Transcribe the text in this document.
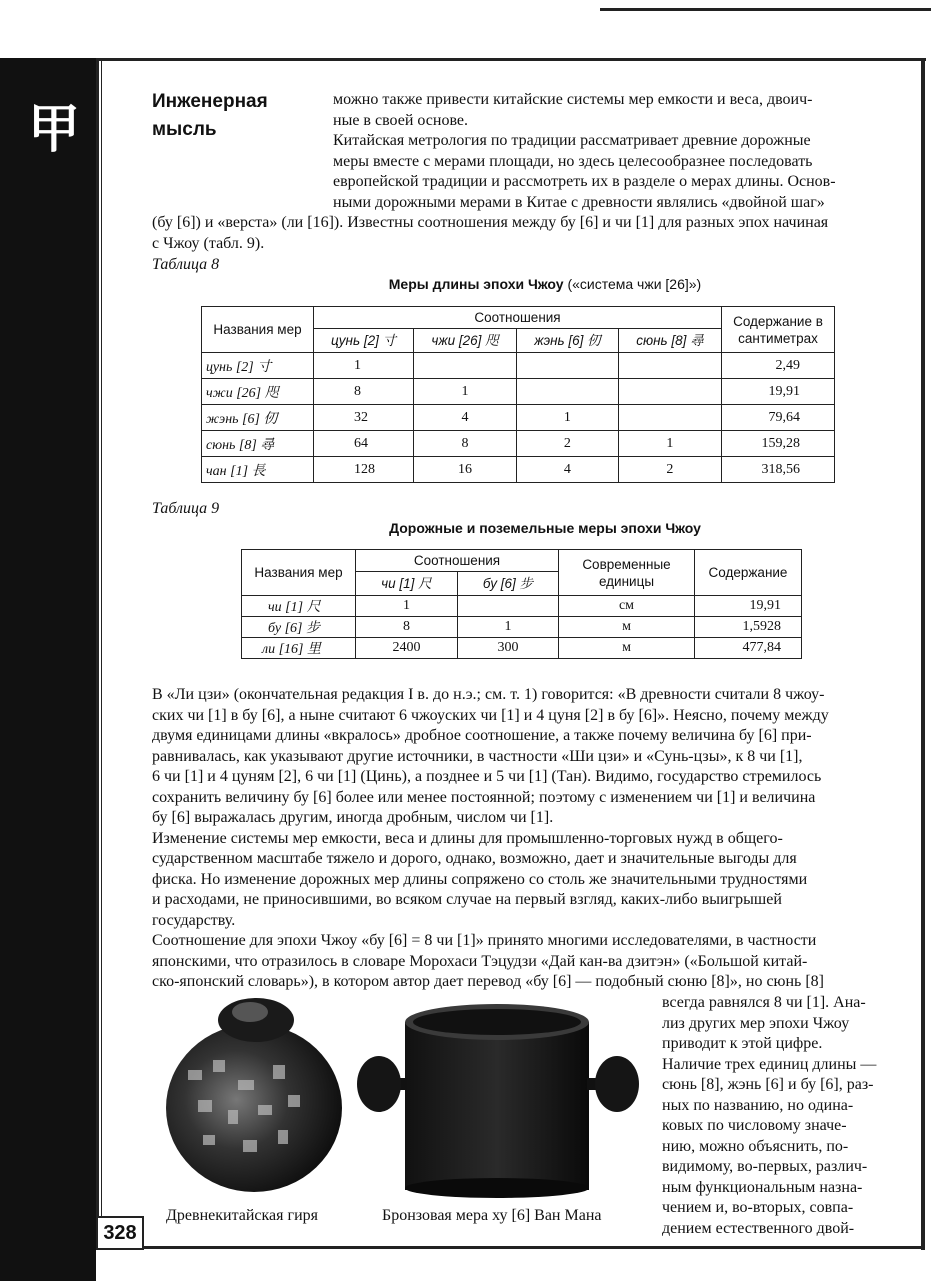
甲
328
Инженерная
мысль
можно также привести китайские системы мер емкости и веса, двоич-
ные в своей основе.
Китайская метрология по традиции рассматривает древние дорожные
меры вместе с мерами площади, но здесь целесообразнее последовать
европейской традиции и рассмотреть их в разделе о мерах длины. Основ-
ными дорожными мерами в Китае с древности являлись «двойной шаг»
(бу [6]) и «верста» (ли [16]). Известны соотношения между бу [6] и чи [1] для разных эпох начиная
с Чжоу (табл. 9).
Таблица 8
Меры длины эпохи Чжоу («система чжи [26]»)
Названия мер	Соотношения				Содержание в сантиметрах
	цунь [2] 寸	чжи [26] 咫	жэнь [6] 仞	сюнь [8] 尋	
цунь [2] 寸	1				2,49
чжи [26] 咫	8	1			19,91
жэнь [6] 仞	32	4	1		79,64
сюнь [8] 尋	64	8	2	1	159,28
чан [1] 長	128	16	4	2	318,56
Таблица 9
Дорожные и поземельные меры эпохи Чжоу
Названия мер	Соотношения		Современные единицы	Содержание
	чи [1] 尺	бу [6] 步		
чи [1] 尺	1		см	19,91
бу [6] 步	8	1	м	1,5928
ли [16] 里	2400	300	м	477,84
В «Ли цзи» (окончательная редакция I в. до н.э.; см. т. 1) говорится: «В древности считали 8 чжоу-
ских чи [1] в бу [6], а ныне считают 6 чжоуских чи [1] и 4 цуня [2] в бу [6]». Неясно, почему между
двумя единицами длины «вкралось» дробное соотношение, а также почему величина бу [6] при-
равнивалась, как указывают другие источники, в частности «Ши цзи» и «Сунь-цзы», к 8 чи [1],
6 чи [1] и 4 цуням [2], 6 чи [1] (Цинь), а позднее и 5 чи [1] (Тан). Видимо, государство стремилось
сохранить величину бу [6] более или менее постоянной; поэтому с изменением чи [1] и величина
бу [6] выражалась другим, иногда дробным, числом чи [1].
Изменение системы мер емкости, веса и длины для промышленно-торговых нужд в общего-
сударственном масштабе тяжело и дорого, однако, возможно, дает и значительные выгоды для
фиска. Но изменение дорожных мер длины сопряжено со столь же значительными трудностями
и расходами, не приносившими, во всяком случае на первый взгляд, каких-либо выигрышей
государству.
Соотношение для эпохи Чжоу «бу [6] = 8 чи [1]» принято многими исследователями, в частности
японскими, что отразилось в словаре Морохаси Тэцудзи «Дай кан-ва дзитэн» («Большой китай-
ско-японский словарь»), в котором автор дает перевод «бу [6] — подобный сюню [8]», но сюнь [8]
всегда равнялся 8 чи [1]. Ана-
лиз других мер эпохи Чжоу
приводит к этой цифре.
Наличие трех единиц длины —
сюнь [8], жэнь [6] и бу [6], раз-
ных по названию, но одина-
ковых по числовому значе-
нию, можно объяснить, по-
видимому, во-первых, различ-
ным функциональным назна-
чением и, во-вторых, совпа-
дением естественного двой-
Древнекитайская гиря	Бронзовая мера ху [6] Ван Мана
